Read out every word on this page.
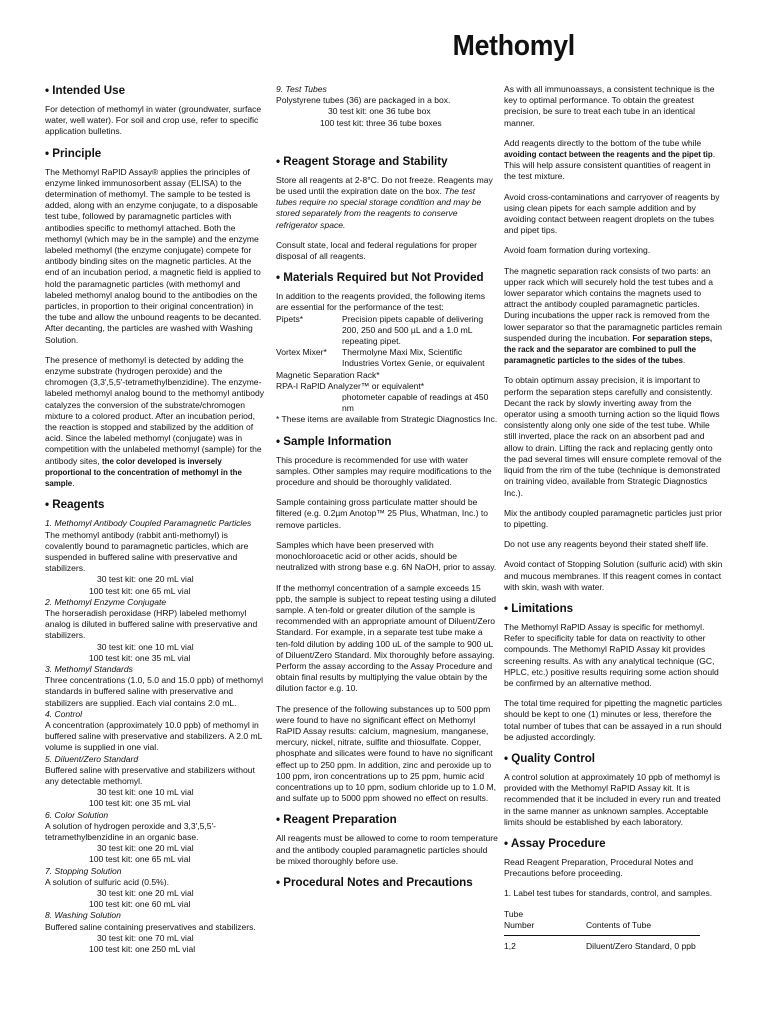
Methomyl
• Intended Use

For detection of methomyl in water (groundwater, surface water, well water). For soil and crop use, refer to specific application bulletins.

• Principle

The Methomyl RaPID Assay® applies the principles of enzyme linked immunosorbent assay (ELISA) to the determination of methomyl. The sample to be tested is added, along with an enzyme conjugate, to a disposable test tube, followed by paramagnetic particles with antibodies specific to methomyl attached. Both the methomyl (which may be in the sample) and the enzyme labeled methomyl (the enzyme conjugate) compete for antibody binding sites on the magnetic particles. At the end of an incubation period, a magnetic field is applied to hold the paramagnetic particles (with methomyl and labeled methomyl analog bound to the antibodies on the particles, in proportion to their original concentration) in the tube and allow the unbound reagents to be decanted. After decanting, the particles are washed with Washing Solution.

The presence of methomyl is detected by adding the enzyme substrate (hydrogen peroxide) and the chromogen (3,3',5,5'-tetramethylbenzidine). The enzyme-labeled methomyl analog bound to the methomyl antibody catalyzes the conversion of the substrate/chromogen mixture to a colored product. After an incubation period, the reaction is stopped and stabilized by the addition of acid. Since the labeled methomyl (conjugate) was in competition with the unlabeled methomyl (sample) for the antibody sites, the color developed is inversely proportional to the concentration of methomyl in the sample.

• Reagents
1. Methomyl Antibody Coupled Paramagnetic Particles
The methomyl antibody (rabbit anti-methomyl) is covalently bound to paramagnetic particles, which are suspended in buffered saline with preservative and stabilizers.
30 test kit: one 20 mL vial
100 test kit: one 65 mL vial
2. Methomyl Enzyme Conjugate
The horseradish peroxidase (HRP) labeled methomyl analog is diluted in buffered saline with preservative and stabilizers.
30 test kit: one 10 mL vial
100 test kit: one 35 mL vial
3. Methomyl Standards
Three concentrations (1.0, 5.0 and 15.0 ppb) of methomyl standards in buffered saline with preservative and stabilizers are supplied. Each vial contains 2.0 mL.
4. Control
A concentration (approximately 10.0 ppb) of methomyl in buffered saline with preservative and stabilizers. A 2.0 mL volume is supplied in one vial.
5. Diluent/Zero Standard
Buffered saline with preservative and stabilizers without any detectable methomyl.
30 test kit: one 10 mL vial
100 test kit: one 35 mL vial
6. Color Solution
A solution of hydrogen peroxide and 3,3',5,5'-tetramethylbenzidine in an organic base.
30 test kit: one 20 mL vial
100 test kit: one 65 mL vial
7. Stopping Solution
A solution of sulfuric acid (0.5%).
30 test kit: one 20 mL vial
100 test kit: one 60 mL vial
8. Washing Solution
Buffered saline containing preservatives and stabilizers.
30 test kit: one 70 mL vial
100 test kit: one 250 mL vial
9. Test Tubes
Polystyrene tubes (36) are packaged in a box.
30 test kit: one 36 tube box
100 test kit: three 36 tube boxes
• Reagent Storage and Stability

Store all reagents at 2-8°C. Do not freeze. Reagents may be used until the expiration date on the box. The test tubes require no special storage condition and may be stored separately from the reagents to conserve refrigerator space.

Consult state, local and federal regulations for proper disposal of all reagents.

• Materials Required but Not Provided
In addition to the reagents provided, the following items are essential for the performance of the test:
Pipets*	Precision pipets capable of delivering 200, 250 and 500 µL and a 1.0 mL repeating pipet.
Vortex Mixer*	Thermolyne Maxi Mix, Scientific Industries Vortex Genie, or equivalent
Magnetic Separation Rack*
RPA-I RaPID Analyzer™ or equivalent*
photometer capable of readings at 450 nm

* These items are available from Strategic Diagnostics Inc.

• Sample Information

This procedure is recommended for use with water samples. Other samples may require modifications to the procedure and should be thoroughly validated.

Sample containing gross particulate matter should be filtered (e.g. 0.2µm Anotop™ 25 Plus, Whatman, Inc.) to remove particles.

Samples which have been preserved with monochloroacetic acid or other acids, should be neutralized with strong base e.g. 6N NaOH, prior to assay.

If the methomyl concentration of a sample exceeds 15 ppb, the sample is subject to repeat testing using a diluted sample. A ten-fold or greater dilution of the sample is recommended with an appropriate amount of Diluent/Zero Standard. For example, in a separate test tube make a ten-fold dilution by adding 100 uL of the sample to 900 uL of Diluent/Zero Standard. Mix thoroughly before assaying. Perform the assay according to the Assay Procedure and obtain final results by multiplying the value obtain by the dilution factor e.g. 10.

The presence of the following substances up to 500 ppm were found to have no significant effect on Methomyl RaPID Assay results: calcium, magnesium, manganese, mercury, nickel, nitrate, sulfite and thiosulfate. Copper, phosphate and silicates were found to have no significant effect up to 250 ppm. In addition, zinc and peroxide up to 100 ppm, iron concentrations up to 25 ppm, humic acid concentrations up to 10 ppm, sodium chloride up to 1.0 M, and sulfate up to 5000 ppm showed no effect on results.

• Reagent Preparation

All reagents must be allowed to come to room temperature and the antibody coupled paramagnetic particles should be mixed thoroughly before use.

• Procedural Notes and Precautions

As with all immunoassays, a consistent technique is the key to optimal performance. To obtain the greatest precision, be sure to treat each tube in an identical manner.

Add reagents directly to the bottom of the tube while avoiding contact between the reagents and the pipet tip. This will help assure consistent quantities of reagent in the test mixture.

Avoid cross-contaminations and carryover of reagents by using clean pipets for each sample addition and by avoiding contact between reagent droplets on the tubes and pipet tips.

Avoid foam formation during vortexing.

The magnetic separation rack consists of two parts: an upper rack which will securely hold the test tubes and a lower separator which contains the magnets used to attract the antibody coupled paramagnetic particles. During incubations the upper rack is removed from the lower separator so that the paramagnetic particles remain suspended during the incubation. For separation steps, the rack and the separator are combined to pull the paramagnetic particles to the sides of the tubes.

To obtain optimum assay precision, it is important to perform the separation steps carefully and consistently. Decant the rack by slowly inverting away from the operator using a smooth turning action so the liquid flows consistently along only one side of the test tube. While still inverted, place the rack on an absorbent pad and allow to drain. Lifting the rack and replacing gently onto the pad several times will ensure complete removal of the liquid from the rim of the tube (technique is demonstrated on training video, available from Strategic Diagnostics Inc.).

Mix the antibody coupled paramagnetic particles just prior to pipetting.

Do not use any reagents beyond their stated shelf life.

Avoid contact of Stopping Solution (sulfuric acid) with skin and mucous membranes. If this reagent comes in contact with skin, wash with water.

• Limitations

The Methomyl RaPID Assay is specific for methomyl. Refer to specificity table for data on reactivity to other compounds. The Methomyl RaPID Assay kit provides screening results. As with any analytical technique (GC, HPLC, etc.) positive results requiring some action should be confirmed by an alternative method.

The total time required for pipetting the magnetic particles should be kept to one (1) minutes or less, therefore the total number of tubes that can be assayed in a run should be adjusted accordingly.

• Quality Control

A control solution at approximately 10 ppb of methomyl is provided with the Methomyl RaPID Assay kit. It is recommended that it be included in every run and treated in the same manner as unknown samples. Acceptable limits should be established by each laboratory.

• Assay Procedure

Read Reagent Preparation, Procedural Notes and Precautions before proceeding.

1. Label test tubes for standards, control, and samples.

Tube
Number	Contents of Tube
1,2	Diluent/Zero Standard, 0 ppb
